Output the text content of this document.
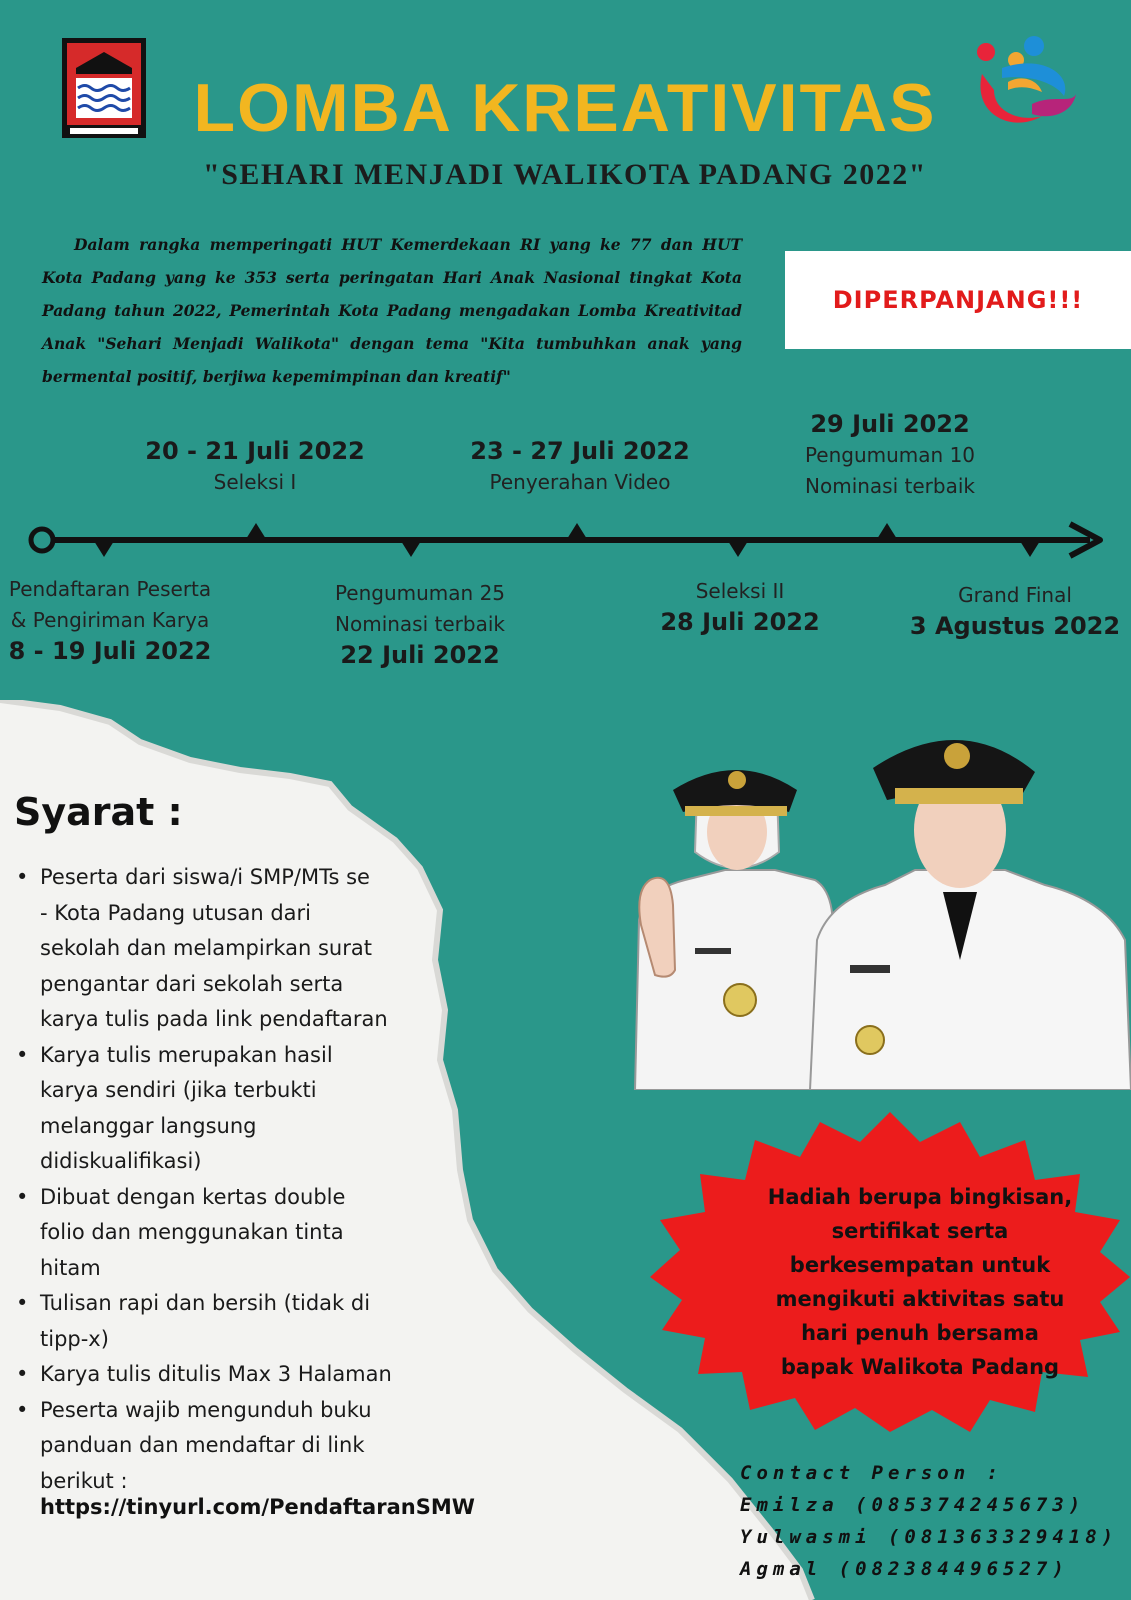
LOMBA KREATIVITAS
"SEHARI MENJADI WALIKOTA PADANG 2022"
Dalam rangka memperingati HUT Kemerdekaan RI yang ke 77 dan HUT Kota Padang yang ke 353 serta peringatan Hari Anak Nasional tingkat Kota Padang tahun 2022, Pemerintah Kota Padang mengadakan Lomba Kreativitad Anak "Sehari Menjadi Walikota" dengan tema "Kita tumbuhkan anak yang bermental positif, berjiwa kepemimpinan dan kreatif"
DIPERPANJANG!!!
20 - 21 Juli 2022
Seleksi I
23 - 27 Juli 2022
Penyerahan Video
29 Juli 2022
Pengumuman 10
Nominasi terbaik
Pendaftaran Peserta
& Pengiriman Karya
8 - 19 Juli 2022
Pengumuman 25
Nominasi terbaik
22 Juli 2022
Seleksi II
28 Juli 2022
Grand Final
3 Agustus 2022
Syarat :
• Peserta dari siswa/i SMP/MTs se
- Kota Padang utusan dari
sekolah dan melampirkan surat
pengantar dari sekolah serta
karya tulis pada link pendaftaran
• Karya tulis merupakan hasil
karya sendiri (jika terbukti
melanggar langsung
didiskualifikasi)
• Dibuat dengan kertas double
folio dan menggunakan tinta
hitam
• Tulisan rapi dan bersih (tidak di
tipp-x)
• Karya tulis ditulis Max 3 Halaman
• Peserta wajib mengunduh buku
panduan dan mendaftar di link
berikut :
https://tinyurl.com/PendaftaranSMW
Hadiah berupa bingkisan,
sertifikat serta
berkesempatan untuk
mengikuti aktivitas satu
hari penuh bersama
bapak Walikota Padang
Contact Person :
Emilza (085374245673)
Yulwasmi (081363329418)
Agmal (082384496527)
